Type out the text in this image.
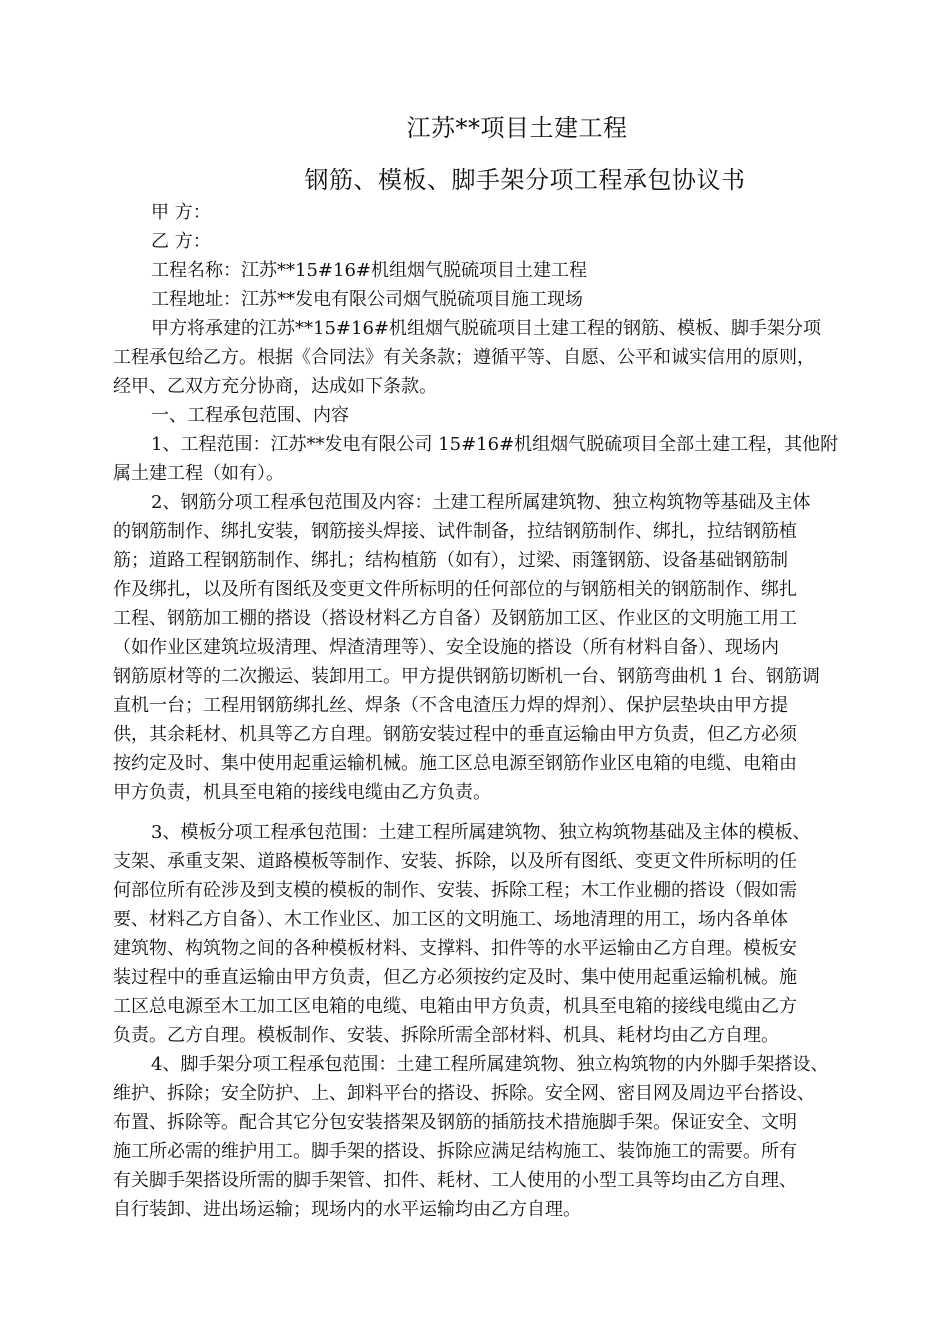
江苏**项目土建工程
钢筋、模板、脚手架分项工程承包协议书
甲 方：
乙 方：
工程名称：江苏**15#16#机组烟气脱硫项目土建工程
工程地址：江苏**发电有限公司烟气脱硫项目施工现场
甲方将承建的江苏**15#16#机组烟气脱硫项目土建工程的钢筋、模板、脚手架分项
工程承包给乙方。根据《合同法》有关条款；遵循平等、自愿、公平和诚实信用的原则，
经甲、乙双方充分协商，达成如下条款。
一、工程承包范围、内容
1、工程范围：江苏**发电有限公司 15#16#机组烟气脱硫项目全部土建工程，其他附
属土建工程（如有）。
2、钢筋分项工程承包范围及内容：土建工程所属建筑物、独立构筑物等基础及主体
的钢筋制作、绑扎安装，钢筋接头焊接、试件制备，拉结钢筋制作、绑扎，拉结钢筋植
筋；道路工程钢筋制作、绑扎；结构植筋（如有），过梁、雨篷钢筋、设备基础钢筋制
作及绑扎，以及所有图纸及变更文件所标明的任何部位的与钢筋相关的钢筋制作、绑扎
工程、钢筋加工棚的搭设（搭设材料乙方自备）及钢筋加工区、作业区的文明施工用工
（如作业区建筑垃圾清理、焊渣清理等）、安全设施的搭设（所有材料自备）、现场内
钢筋原材等的二次搬运、装卸用工。甲方提供钢筋切断机一台、钢筋弯曲机 1 台、钢筋调
直机一台；工程用钢筋绑扎丝、焊条（不含电渣压力焊的焊剂）、保护层垫块由甲方提
供，其余耗材、机具等乙方自理。钢筋安装过程中的垂直运输由甲方负责，但乙方必须
按约定及时、集中使用起重运输机械。施工区总电源至钢筋作业区电箱的电缆、电箱由
甲方负责，机具至电箱的接线电缆由乙方负责。
3、模板分项工程承包范围：土建工程所属建筑物、独立构筑物基础及主体的模板、
支架、承重支架、道路模板等制作、安装、拆除，以及所有图纸、变更文件所标明的任
何部位所有砼涉及到支模的模板的制作、安装、拆除工程；木工作业棚的搭设（假如需
要、材料乙方自备）、木工作业区、加工区的文明施工、场地清理的用工，场内各单体
建筑物、构筑物之间的各种模板材料、支撑料、扣件等的水平运输由乙方自理。模板安
装过程中的垂直运输由甲方负责，但乙方必须按约定及时、集中使用起重运输机械。施
工区总电源至木工加工区电箱的电缆、电箱由甲方负责，机具至电箱的接线电缆由乙方
负责。乙方自理。模板制作、安装、拆除所需全部材料、机具、耗材均由乙方自理。
4、脚手架分项工程承包范围：土建工程所属建筑物、独立构筑物的内外脚手架搭设、
维护、拆除；安全防护、上、卸料平台的搭设、拆除。安全网、密目网及周边平台搭设、
布置、拆除等。配合其它分包安装搭架及钢筋的插筋技术措施脚手架。保证安全、文明
施工所必需的维护用工。脚手架的搭设、拆除应满足结构施工、装饰施工的需要。所有
有关脚手架搭设所需的脚手架管、扣件、耗材、工人使用的小型工具等均由乙方自理、
自行装卸、进出场运输；现场内的水平运输均由乙方自理。
